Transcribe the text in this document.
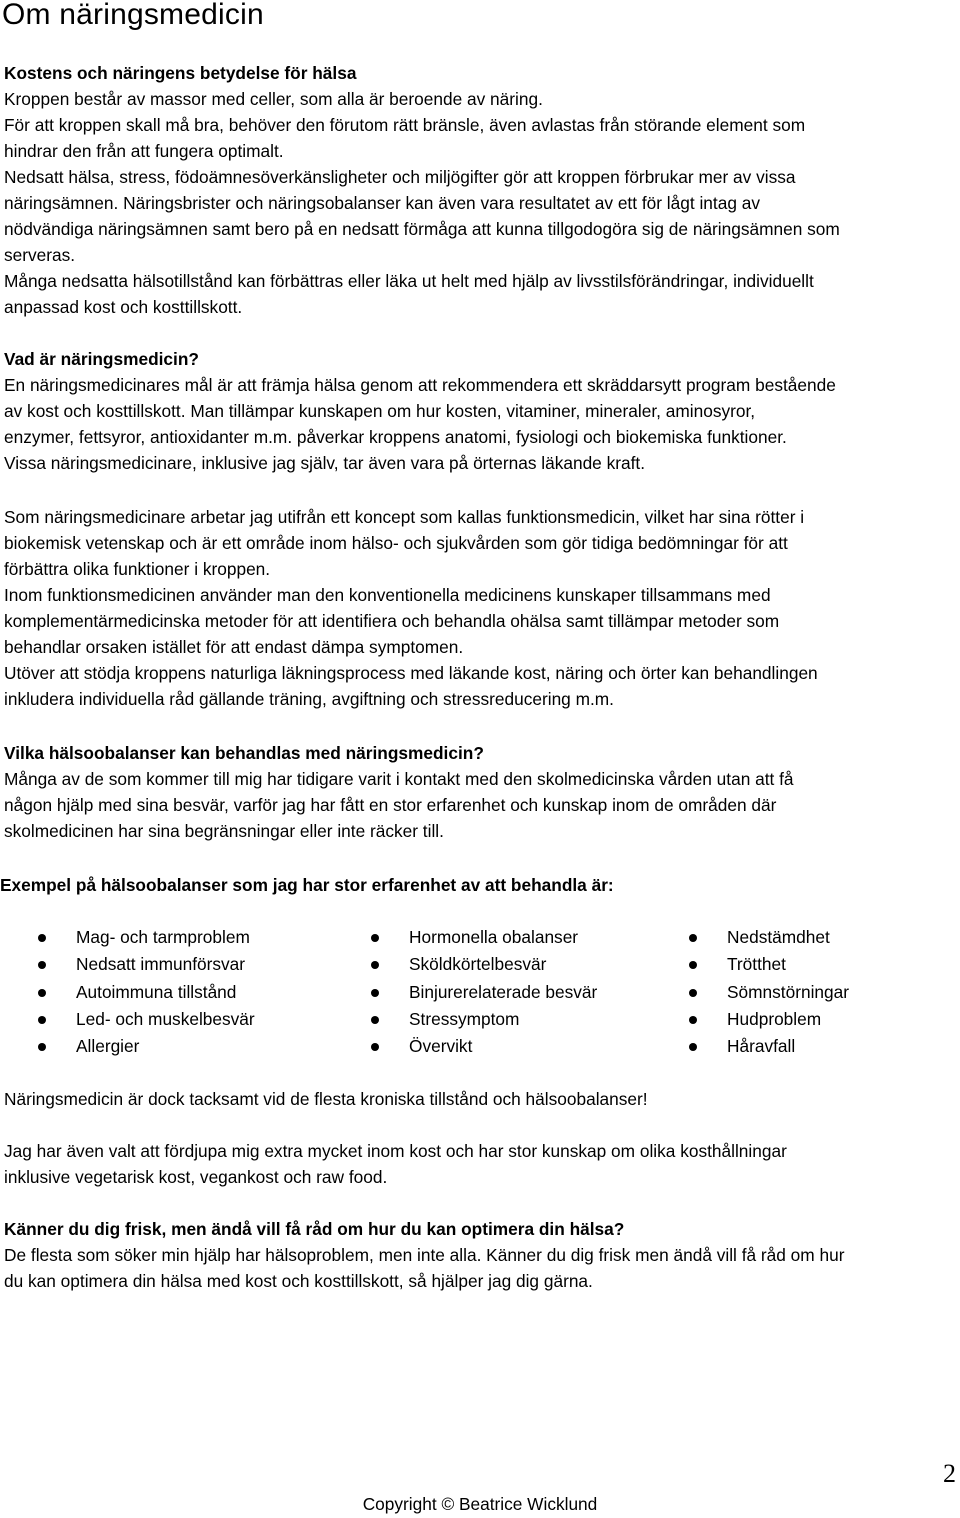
Om näringsmedicin
Kostens och näringens betydelse för hälsa
Kroppen består av massor med celler, som alla är beroende av näring.
För att kroppen skall må bra, behöver den förutom rätt bränsle, även avlastas från störande element som
hindrar den från att fungera optimalt.
Nedsatt hälsa, stress, födoämnesöverkänsligheter och miljögifter gör att kroppen förbrukar mer av vissa
näringsämnen. Näringsbrister och näringsobalanser kan även vara resultatet av ett för lågt intag av
nödvändiga näringsämnen samt bero på en nedsatt förmåga att kunna tillgodogöra sig de näringsämnen som
serveras.
Många nedsatta hälsotillstånd kan förbättras eller läka ut helt med hjälp av livsstilsförändringar, individuellt
anpassad kost och kosttillskott.
Vad är näringsmedicin?
En näringsmedicinares mål är att främja hälsa genom att rekommendera ett skräddarsytt program bestående
av kost och kosttillskott. Man tillämpar kunskapen om hur kosten, vitaminer, mineraler, aminosyror,
enzymer, fettsyror, antioxidanter m.m. påverkar kroppens anatomi, fysiologi och biokemiska funktioner.
Vissa näringsmedicinare, inklusive jag själv, tar även vara på örternas läkande kraft.
Som näringsmedicinare arbetar jag utifrån ett koncept som kallas funktionsmedicin, vilket har sina rötter i
biokemisk vetenskap och är ett område inom hälso- och sjukvården som gör tidiga bedömningar för att
förbättra olika funktioner i kroppen.
Inom funktionsmedicinen använder man den konventionella medicinens kunskaper tillsammans med
komplementärmedicinska metoder för att identifiera och behandla ohälsa samt tillämpar metoder som
behandlar orsaken istället för att endast dämpa symptomen.
Utöver att stödja kroppens naturliga läkningsprocess med läkande kost, näring och örter kan behandlingen
inkludera individuella råd gällande träning, avgiftning och stressreducering m.m.
Vilka hälsoobalanser kan behandlas med näringsmedicin?
Många av de som kommer till mig har tidigare varit i kontakt med den skolmedicinska vården utan att få
någon hjälp med sina besvär, varför jag har fått en stor erfarenhet och kunskap inom de områden där
skolmedicinen har sina begränsningar eller inte räcker till.
Exempel på hälsoobalanser som jag har stor erfarenhet av att behandla är:
Mag- och tarmproblem
Nedsatt immunförsvar
Autoimmuna tillstånd
Led- och muskelbesvär
Allergier
Hormonella obalanser
Sköldkörtelbesvär
Binjurerelaterade besvär
Stressymptom
Övervikt
Nedstämdhet
Trötthet
Sömnstörningar
Hudproblem
Håravfall
Näringsmedicin är dock tacksamt vid de flesta kroniska tillstånd och hälsoobalanser!
Jag har även valt att fördjupa mig extra mycket inom kost och har stor kunskap om olika kosthållningar
inklusive vegetarisk kost, vegankost och raw food.
Känner du dig frisk, men ändå vill få råd om hur du kan optimera din hälsa?
De flesta som söker min hjälp har hälsoproblem, men inte alla. Känner du dig frisk men ändå vill få råd om hur
du kan optimera din hälsa med kost och kosttillskott, så hjälper jag dig gärna.
2
Copyright © Beatrice Wicklund
